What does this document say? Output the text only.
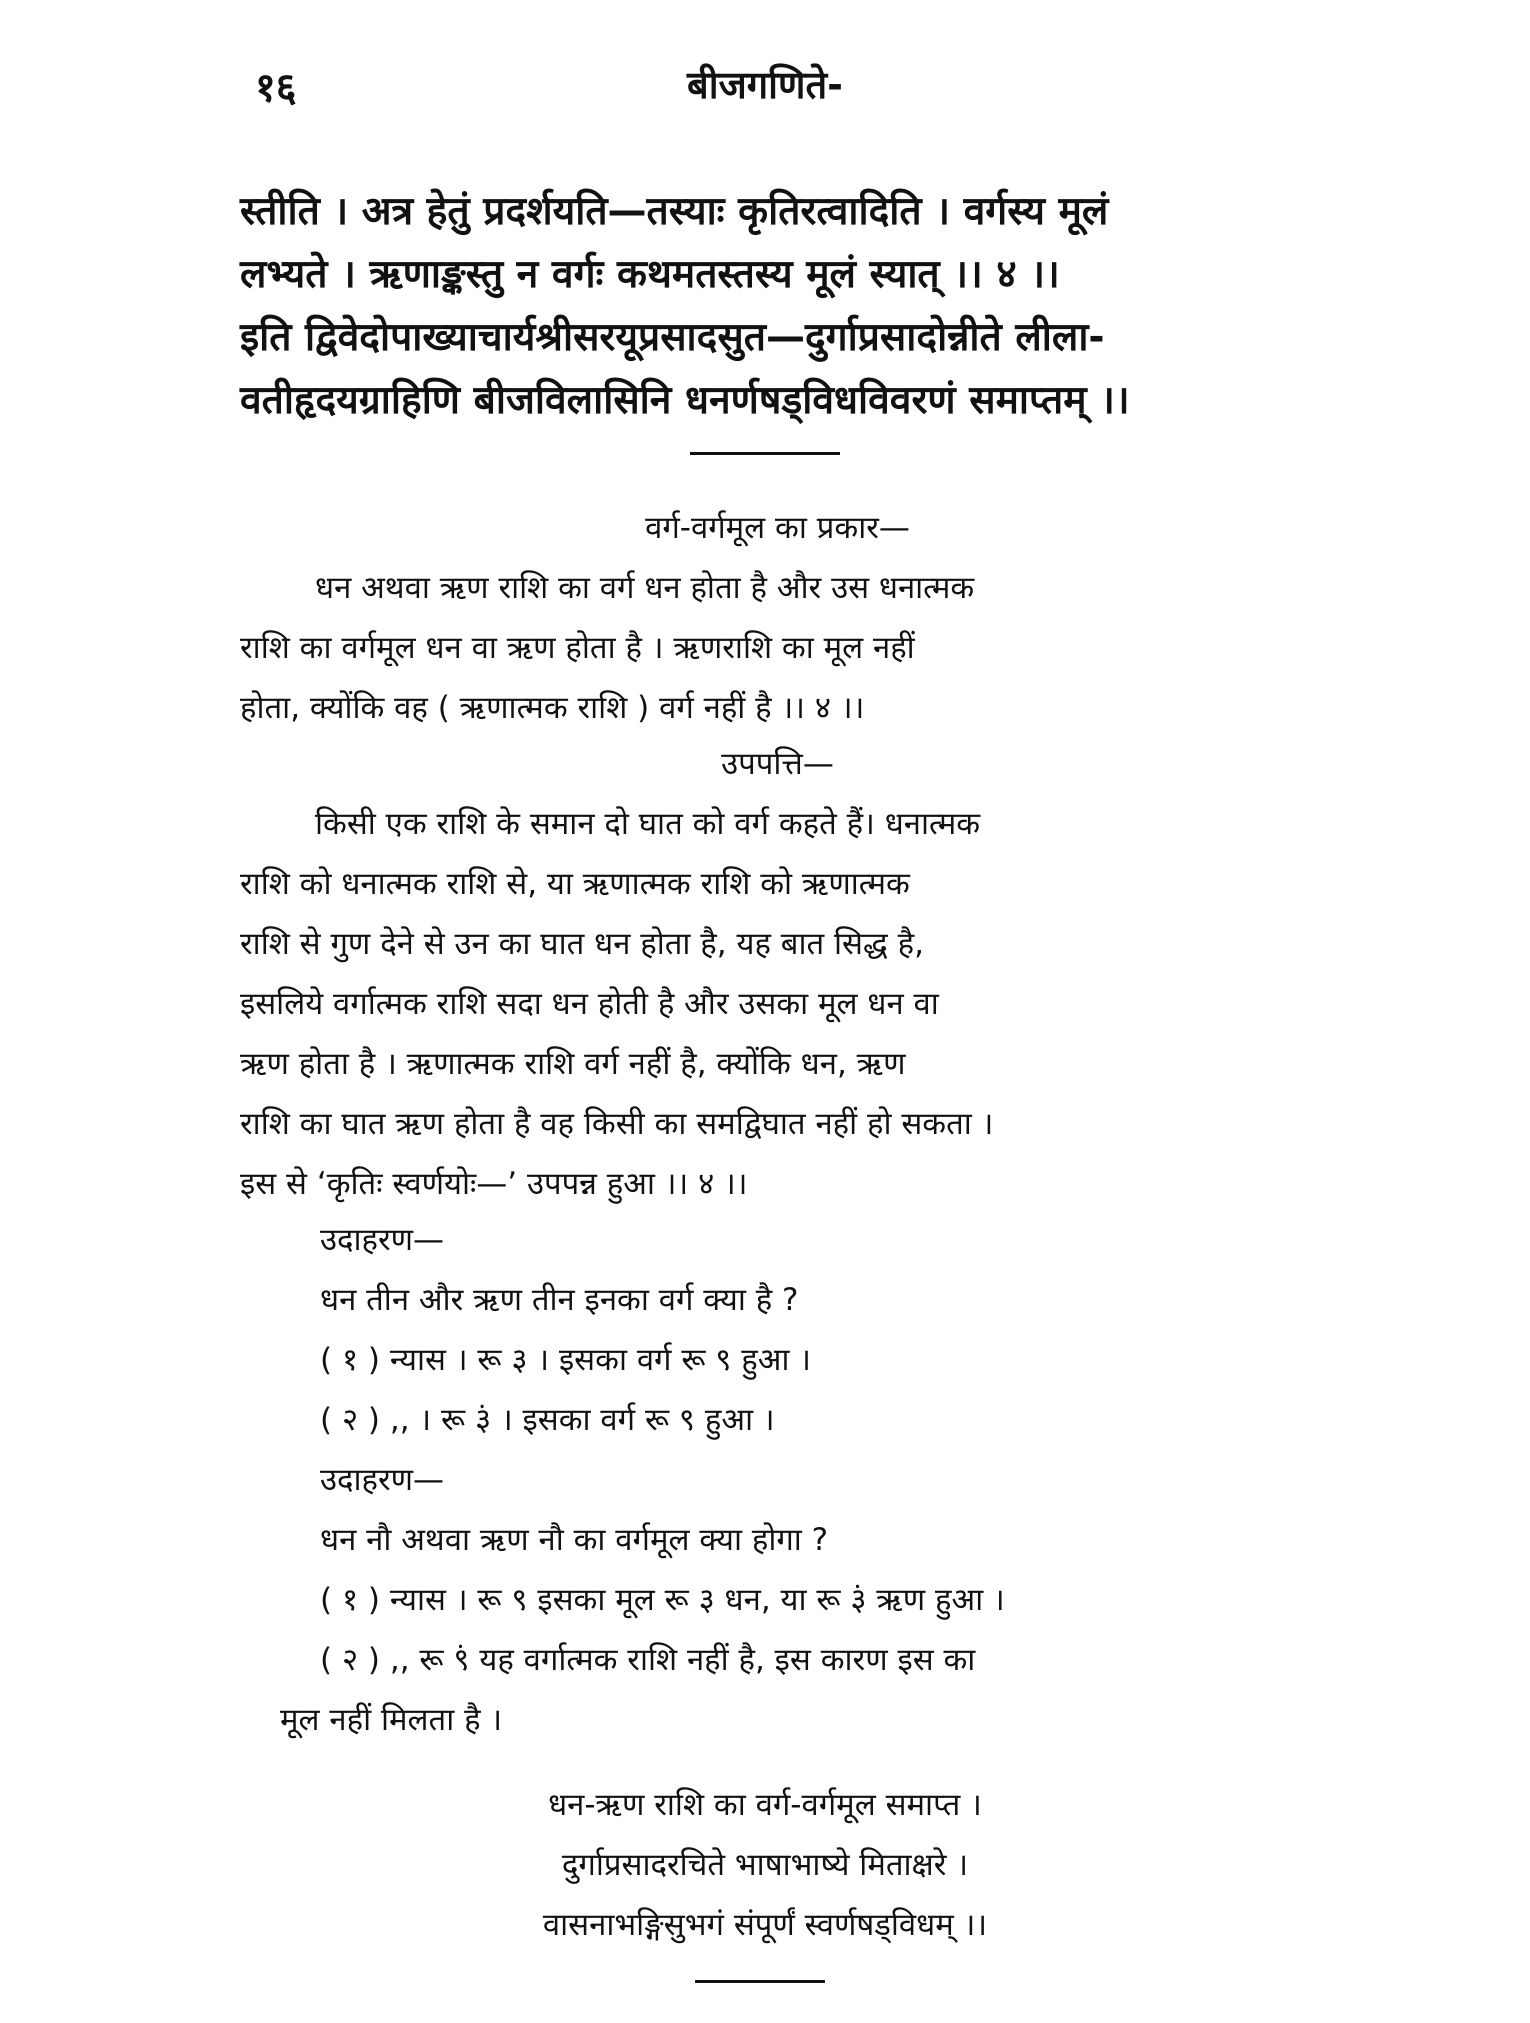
१६	बीजगणिते-

स्तीति । अत्र हेतुं प्रदर्शयति—तस्याः कृतिरत्वादिति । वर्गस्य मूलं

लभ्यते । ऋणाङ्कस्तु न वर्गः कथमतस्तस्य मूलं स्यात् ।। ४ ।।

इति द्विवेदोपाख्याचार्यश्रीसरयूप्रसादसुत—दुर्गाप्रसादोन्नीते लीला-

वतीहृदयग्राहिणि बीजविलासिनि धनर्णषड्विधविवरणं समाप्तम् ।।

वर्ग-वर्गमूल का प्रकार—

धन अथवा ऋण राशि का वर्ग धन होता है और उस धनात्मक

राशि का वर्गमूल धन वा ऋण होता है । ऋणराशि का मूल नहीं

होता, क्योंकि वह ( ऋणात्मक राशि ) वर्ग नहीं है ।। ४ ।।

उपपत्ति—

किसी एक राशि के समान दो घात को वर्ग कहते हैं। धनात्मक

राशि को धनात्मक राशि से, या ऋणात्मक राशि को ऋणात्मक

राशि से गुण देने से उन का घात धन होता है, यह बात सिद्ध है,

इसलिये वर्गात्मक राशि सदा धन होती है और उसका मूल धन वा

ऋण होता है । ऋणात्मक राशि वर्ग नहीं है, क्योंकि धन, ऋण

राशि का घात ऋण होता है वह किसी का समद्विघात नहीं हो सकता ।

इस से ‘कृतिः स्वर्णयोः—’ उपपन्न हुआ ।। ४ ।।

उदाहरण—

धन तीन और ऋण तीन इनका वर्ग क्या है ?

( १ ) न्यास । रू ३ । इसका वर्ग रू ९ हुआ ।

( २ ) ,, । रू ३̇ । इसका वर्ग रू ९ हुआ ।

उदाहरण—

धन नौ अथवा ऋण नौ का वर्गमूल क्या होगा ?

( १ ) न्यास । रू ९ इसका मूल रू ३ धन, या रू ३̇ ऋण हुआ ।

( २ ) ,, रू ९̇ यह वर्गात्मक राशि नहीं है, इस कारण इस का

मूल नहीं मिलता है ।

धन-ऋण राशि का वर्ग-वर्गमूल समाप्त ।

दुर्गाप्रसादरचिते भाषाभाष्ये मिताक्षरे ।

वासनाभङ्गिसुभगं संपूर्णं स्वर्णषड्विधम् ।।
